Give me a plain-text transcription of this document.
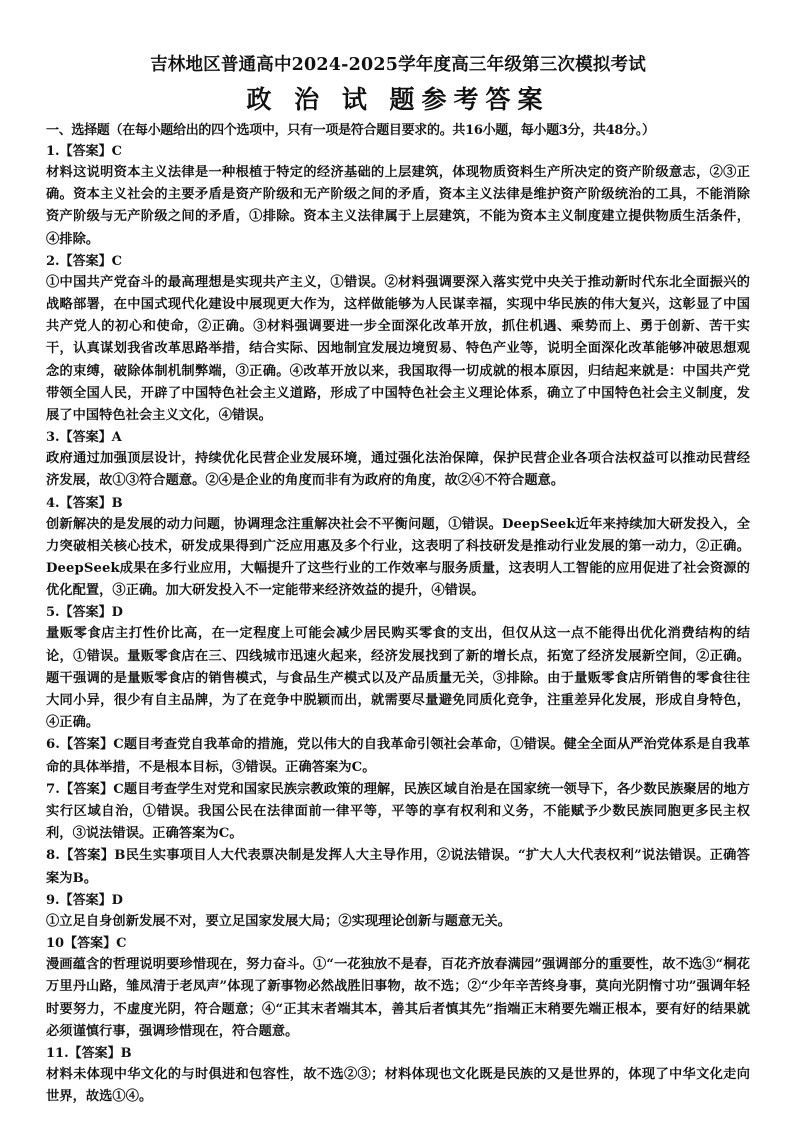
吉林地区普通高中2024-2025学年度高三年级第三次模拟考试
政 治 试 题参考答案
一、选择题（在每小题给出的四个选项中，只有一项是符合题目要求的。共16小题，每小题3分，共48分。）
1.【答案】C
材料这说明资本主义法律是一种根植于特定的经济基础的上层建筑，体现物质资料生产所决定的资产阶级意志，②③正确。资本主义社会的主要矛盾是资产阶级和无产阶级之间的矛盾，资本主义法律是维护资产阶级统治的工具，不能消除资产阶级与无产阶级之间的矛盾，①排除。资本主义法律属于上层建筑，不能为资本主义制度建立提供物质生活条件，④排除。
2.【答案】C
①中国共产党奋斗的最高理想是实现共产主义，①错误。②材料强调要深入落实党中央关于推动新时代东北全面振兴的战略部署，在中国式现代化建设中展现更大作为，这样做能够为人民谋幸福，实现中华民族的伟大复兴，这彰显了中国共产党人的初心和使命，②正确。③材料强调要进一步全面深化改革开放，抓住机遇、乘势而上、勇于创新、苦干实干，认真谋划我省改革思路举措，结合实际、因地制宜发展边境贸易、特色产业等，说明全面深化改革能够冲破思想观念的束缚，破除体制机制弊端，③正确。④改革开放以来，我国取得一切成就的根本原因，归结起来就是：中国共产党带领全国人民，开辟了中国特色社会主义道路，形成了中国特色社会主义理论体系，确立了中国特色社会主义制度，发展了中国特色社会主义文化，④错误。
3.【答案】A
政府通过加强顶层设计，持续优化民营企业发展环境，通过强化法治保障，保护民营企业各项合法权益可以推动民营经济发展，故①③符合题意。②④是企业的角度而非有为政府的角度，故②④不符合题意。
4.【答案】B
创新解决的是发展的动力问题，协调理念注重解决社会不平衡问题，①错误。DeepSeek近年来持续加大研发投入，全力突破相关核心技术，研发成果得到广泛应用惠及多个行业，这表明了科技研发是推动行业发展的第一动力，②正确。DeepSeek成果在多行业应用，大幅提升了这些行业的工作效率与服务质量，这表明人工智能的应用促进了社会资源的优化配置，③正确。加大研发投入不一定能带来经济效益的提升，④错误。
5.【答案】D
量贩零食店主打性价比高，在一定程度上可能会减少居民购买零食的支出，但仅从这一点不能得出优化消费结构的结论，①错误。量贩零食店在三、四线城市迅速火起来，经济发展找到了新的增长点，拓宽了经济发展新空间，②正确。题干强调的是量贩零食店的销售模式，与食品生产模式以及产品质量无关，③排除。由于量贩零食店所销售的零食往往大同小异，很少有自主品牌，为了在竞争中脱颖而出，就需要尽量避免同质化竞争，注重差异化发展，形成自身特色，④正确。
6.【答案】C题目考查党自我革命的措施，党以伟大的自我革命引领社会革命，①错误。健全全面从严治党体系是自我革命的具体举措，不是根本目标，③错误。正确答案为C。
7.【答案】C题目考查学生对党和国家民族宗教政策的理解，民族区域自治是在国家统一领导下，各少数民族聚居的地方实行区域自治，①错误。我国公民在法律面前一律平等，平等的享有权利和义务，不能赋予少数民族同胞更多民主权利，③说法错误。正确答案为C。
8.【答案】B民生实事项目人大代表票决制是发挥人大主导作用，②说法错误。“扩大人大代表权利”说法错误。正确答案为B。
9.【答案】D
①立足自身创新发展不对，要立足国家发展大局；②实现理论创新与题意无关。
10【答案】C
漫画蕴含的哲理说明要珍惜现在，努力奋斗。①“一花独放不是春，百花齐放春满园”强调部分的重要性，故不选③“桐花万里丹山路，雏凤清于老凤声”体现了新事物必然战胜旧事物，故不选；②“少年辛苦终身事，莫向光阴惰寸功”强调年轻时要努力，不虚度光阴，符合题意；④“正其末者端其本，善其后者慎其先”指端正末稍要先端正根本，要有好的结果就必须谨慎行事，强调珍惜现在，符合题意。
11.【答案】B
材料未体现中华文化的与时俱进和包容性，故不选②③；材料体现也文化既是民族的又是世界的，体现了中华文化走向世界，故选①④。
